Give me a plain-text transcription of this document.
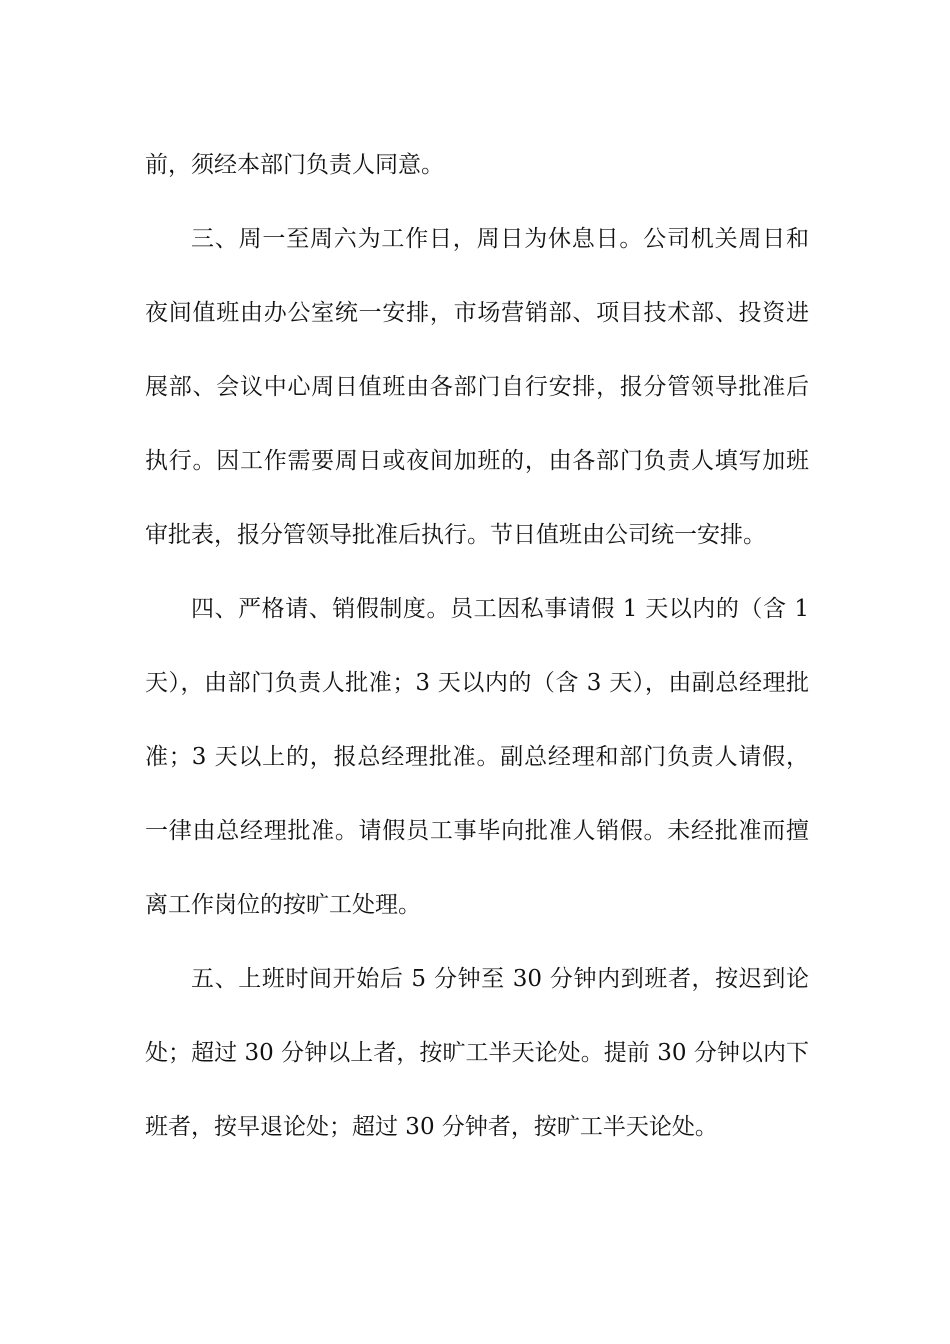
前，须经本部门负责人同意。

三、周一至周六为工作日，周日为休息日。公司机关周日和夜间值班由办公室统一安排，市场营销部、项目技术部、投资进展部、会议中心周日值班由各部门自行安排，报分管领导批准后执行。因工作需要周日或夜间加班的，由各部门负责人填写加班审批表，报分管领导批准后执行。节日值班由公司统一安排。

四、严格请、销假制度。员工因私事请假 1 天以内的（含 1 天），由部门负责人批准；3 天以内的（含 3 天），由副总经理批准；3 天以上的，报总经理批准。副总经理和部门负责人请假，一律由总经理批准。请假员工事毕向批准人销假。未经批准而擅离工作岗位的按旷工处理。

五、上班时间开始后 5 分钟至 30 分钟内到班者，按迟到论处；超过 30 分钟以上者，按旷工半天论处。提前 30 分钟以内下班者，按早退论处；超过 30 分钟者，按旷工半天论处。
